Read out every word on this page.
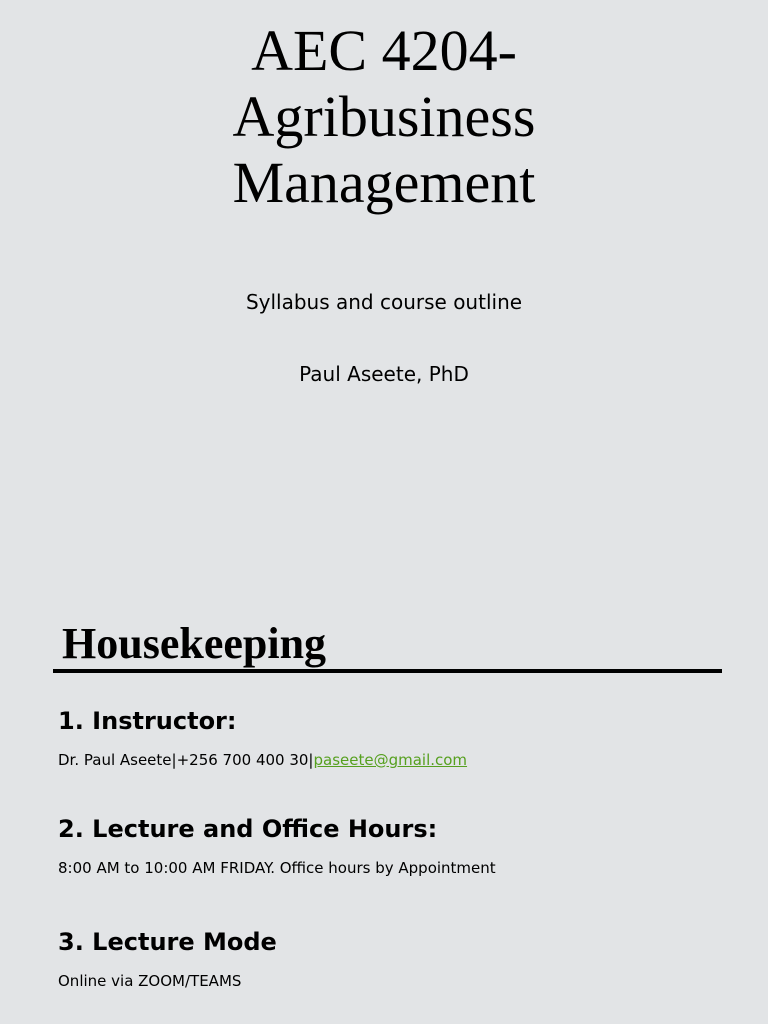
AEC 4204-
Agribusiness
Management
Syllabus and course outline
Paul Aseete, PhD
Housekeeping
1. Instructor:
Dr. Paul Aseete|+256 700 400 30|paseete@gmail.com
2. Lecture and Office Hours:
8:00 AM to 10:00 AM FRIDAY. Office hours by Appointment
3. Lecture Mode
Online via ZOOM/TEAMS
